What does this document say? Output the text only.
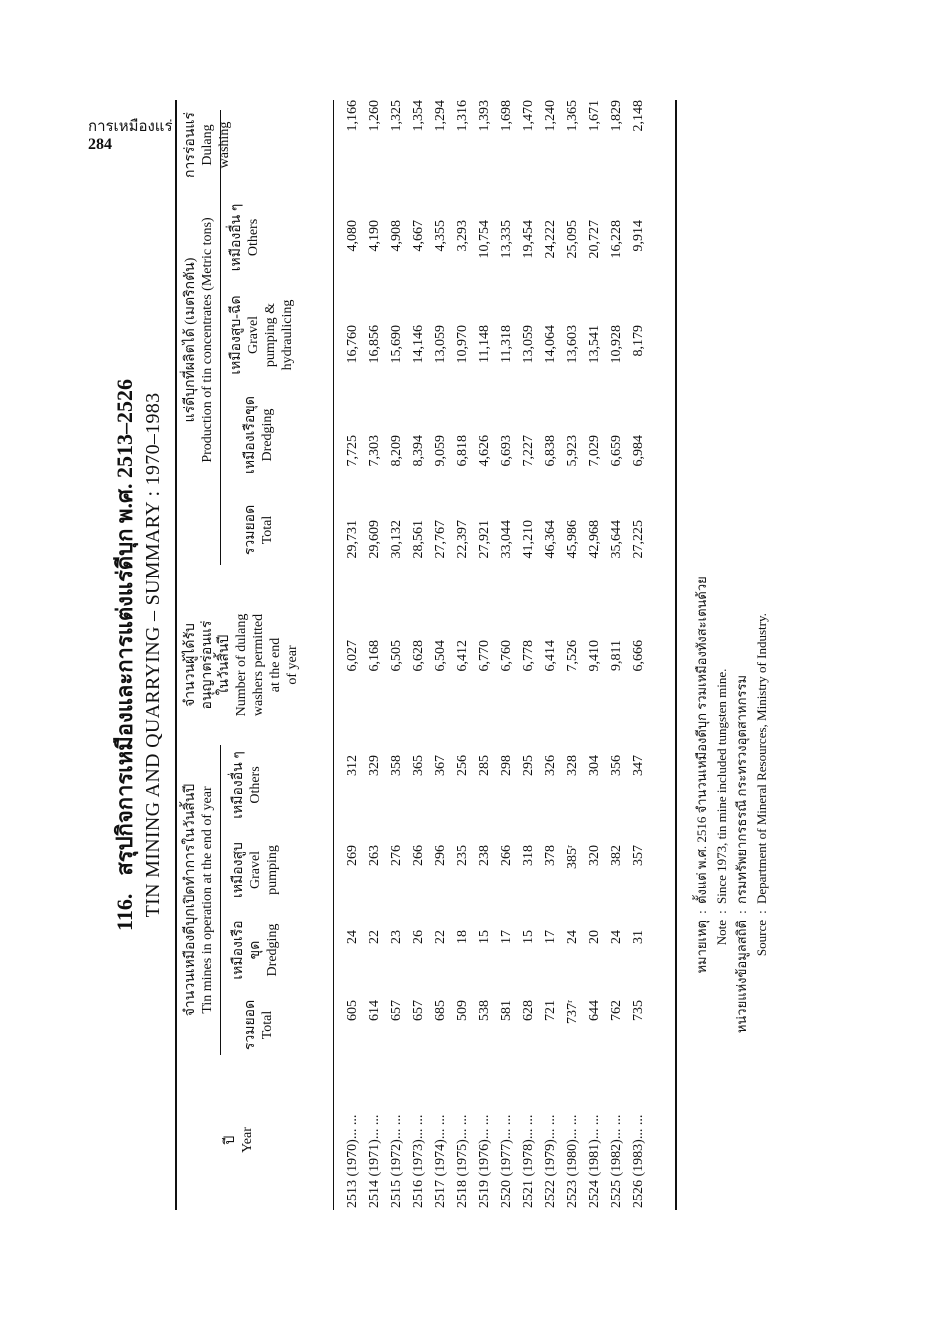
การเหมืองแร่
284
116.สรุปกิจการเหมืองและการแต่งแร่ดีบุก พ.ศ. 2513–2526 TIN MINING AND QUARRYING – SUMMARY : 1970–1983 จำนวนเหมืองดีบุกเปิดทำการในวันสิ้นปี Tin mines in operation at the end of year
แร่ดีบุกที่ผลิตได้ (เมตริกตัน) Production of tin concentrates (Metric tons)
ปี Year
รวมยอด Total
เหมืองเรือขุด Dredging
เหมืองสูบ Gravel pumping
เหมืองอื่น ๆ Others
จำนวนผู้ได้รับ อนุญาตร่อนแร่ ในวันสิ้นปี Number of dulang washers permitted at the end of year
รวมยอด Total
เหมืองเรือขุด Dredging
เหมืองสูบ-ฉีด Gravel pumping & hydraulicing
เหมืองอื่น ๆ Others
การร่อนแร่ Dulang washing
2513 (1970)... ...	605	24	269	312	6,027	29,731	7,725	16,760	4,080	1,166
2514 (1971)... ...	614	22	263	329	6,168	29,609	7,303	16,856	4,190	1,260
2515 (1972)... ...	657	23	276	358	6,505	30,132	8,209	15,690	4,908	1,325
2516 (1973)... ...	657	26	266	365	6,628	28,561	8,394	14,146	4,667	1,354
2517 (1974)... ...	685	22	296	367	6,504	27,767	9,059	13,059	4,355	1,294
2518 (1975)... ...	509	18	235	256	6,412	22,397	6,818	10,970	3,293	1,316
2519 (1976)... ...	538	15	238	285	6,770	27,921	4,626	11,148	10,754	1,393
2520 (1977)... ...	581	17	266	298	6,760	33,044	6,693	11,318	13,335	1,698
2521 (1978)... ...	628	15	318	295	6,778	41,210	7,227	13,059	19,454	1,470
2522 (1979)... ...	721	17	378	326	6,414	46,364	6,838	14,064	24,222	1,240
2523 (1980)... ...	737ʳ	24	385ʳ	328	7,526	45,986	5,923	13,603	25,095	1,365
2524 (1981)... ...	644	20	320	304	9,410	42,968	7,029	13,541	20,727	1,671
2525 (1982)... ...	762	24	382	356	9,811	35,644	6,659	10,928	16,228	1,829
2526 (1983)... ...	735	31	357	347	6,666	27,225	6,984	8,179	9,914	2,148
หมายเหตุ:ตั้งแต่ พ.ศ. 2516 จำนวนเหมืองดีบุก รวมเหมืองทังสะเตนด้วย
Note:Since 1973, tin mine included tungsten mine.
หน่วยแห่งข้อมูลสถิติ:กรมทรัพยากรธรณี กระทรวงอุตสาหกรรม
Source:Department of Mineral Resources, Ministry of Industry.
